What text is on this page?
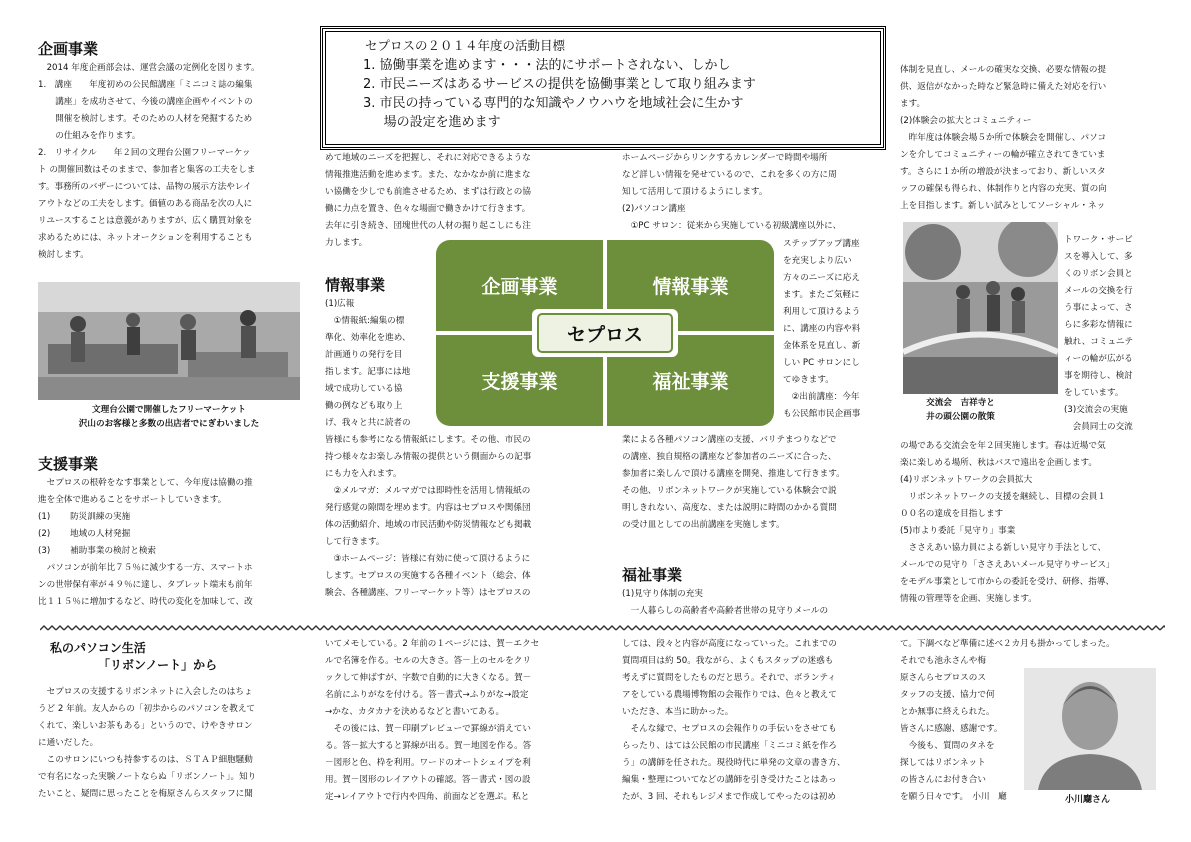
企画事業

　2014 年度企画部会は、運営会議の定例化を図ります。

1.　講座　　年度初めの公民館講座「ミニコミ誌の編集

　　講座」を成功させて、今後の講座企画やイベントの

　　開催を検討します。そのための人材を発掘するため

　　の仕組みを作ります。

2.　リサイクル　　年２回の文理台公園フリーマーケッ

ト の開催回数はそのままで、参加者と集客の工夫をしま

す。事務所のバザーについては、品物の展示方法やレイ

アウトなどの工夫をします。価値のある商品を次の人に

リユースすることは意義がありますが、広く購買対象を

求めるためには、ネットオークションを利用することも

検討します。

文理台公園で開催したフリーマーケット
沢山のお客様と多数の出店者でにぎわいました
支援事業

　セプロスの根幹をなす事業として、今年度は協働の推

進を全体で進めることをサポートしていきます。

(1)　　 防災訓練の実施

(2)　　 地域の人材発掘

(3)　　 補助事業の検討と検索

　パソコンが前年比７５％に減少する一方、スマートホ

ンの世帯保有率が４９％に達し、タブレット端末も前年

比１１５％に増加するなど、時代の変化を加味して、改

セプロスの２０１４年度の活動目標
1. 協働事業を進めます・・・法的にサポートされない、しかし
2. 市民ニーズはあるサービスの提供を協働事業として取り組みます
3. 市民の持っている専門的な知識やノウハウを地域社会に生かす
場の設定を進めます

めて地域のニーズを把握し、それに対応できるような

情報推進活動を進めます。また、なかなか前に進まな

い協働を少しでも前進させるため、まずは行政との協

働に力点を置き、色々な場面で働きかけて行きます。

去年に引き続き、団塊世代の人材の掘り起こしにも注

力します。

情報事業

(1)広報

　①情報紙:編集の標

準化、効率化を進め、

計画通りの発行を目

指します。記事には地

域で成功している協

働の例なども取り上

げ、我々と共に読者の

皆様にも参考になる情報紙にします。その他、市民の

持つ様々なお楽しみ情報の提供という側面からの記事

にも力を入れます。

　②メルマガ：メルマガでは即時性を活用し情報紙の

発行感覚の隙間を埋めます。内容はセプロスや関係団

体の活動紹介、地域の市民活動や防災情報なども掲載

して行きます。

　③ホームページ：皆様に有効に使って頂けるように

します。セプロスの実施する各種イベント（総会、体

験会、各種講座、フリーマーケット等）はセプロスの

企画事業	情報事業
支援事業	福祉事業
セプロス

ホームページからリンクするカレンダーで時間や場所

など詳しい情報を発せているので、これを多くの方に周

知して活用して頂けるようにします。

(2)パソコン講座

　①PC サロン：従来から実施している初級講座以外に、

ステップアップ講座

を充実しより広い

方々のニーズに応え

ます。またご気軽に

利用して頂けるよう

に、講座の内容や料

金体系を見直し、新

しい PC サロンにし

てゆきます。

　②出前講座：今年

も公民館市民企画事

業による各種パソコン講座の支援、バリテまつりなどで

の講座、独自規格の講座など参加者のニーズに合った、

参加者に楽しんで頂ける講座を開発、推進して行きます。

その他、リボンネットワークが実施している体験会で説

明しきれない、高度な、または説明に時間のかかる質問

の受け皿としての出前講座を実施します。

福祉事業

(1)見守り体制の充実

　一人暮らしの高齢者や高齢者世帯の見守りメールの

体制を見直し、メールの確実な交換、必要な情報の提

供、返信がなかった時など緊急時に備えた対応を行い

ます。

(2)体験会の拡大とコミュニティー

　昨年度は体験会場５か所で体験会を開催し、パソコ

ンを介してコミュニティーの輪が確立されてきていま

す。さらに１か所の増設が決まっており、新しいスタ

ッフの確保も得られ、体制作りと内容の充実、質の向

上を目指します。新しい試みとしてソーシャル・ネッ

交流会　吉祥寺と
井の頭公園の散策

トワーク・サービ

スを導入して、多

くのリボン会員と

メールの交換を行

う事によって、さ

らに多彩な情報に

触れ、コミュニテ

ィーの輪が広がる

事を期待し、検討

をしています。

(3)交流会の実施

　会員同士の交流

の場である交流会を年２回実施します。春は近場で気

楽に楽しめる場所、秋はバスで遠出を企画します。

(4)リボンネットワークの会員拡大

　リボンネットワークの支援を継続し、目標の会員１

００名の達成を目指します

(5)市より委託「見守り」事業

　ささえあい協力員による新しい見守り手法として、

メールでの見守り「ささえあいメール見守りサービス」

をモデル事業として市からの委託を受け、研修、指導、

情報の管理等を企画、実施します。

私のパソコン生活
「リボンノート」から

　セプロスの支援するリボンネットに入会したのはちょ

うど 2 年前。友人からの「初歩からのパソコンを教えて

くれて、楽しいお茶もある」というので、けやきサロン

に通いだした。

　このサロンにいつも持参するのは、ＳＴＡＰ細胞騒動

で有名になった実験ノートならぬ「リボンノート」。知り

たいこと、疑問に思ったことを梅原さんらスタッフに聞

いてメモしている。2 年前の１ページには、賀－エクセ

ルで名簿を作る。セルの大きさ。答－上のセルをクリ

ックして伸ばすが、字数で自動的に大きくなる。賀－

名前にふりがなを付ける。答－書式→ふりがな→設定

→かな、カタカナを決めるなどと書いてある。

　その後には、賀－印刷プレビューで罫線が消えてい

る。答－拡大すると罫線が出る。賀－地図を作る。答

－図形と色、枠を利用。ワードのオートシェイプを利

用。賀－図形のレイアウトの確認。答－書式・図の設

定→レイアウトで行内や四角、前面などを選ぶ。私と

しては、段々と内容が高度になっていった。これまでの

質問項目は約 50。我ながら、よくもスタップの迷惑も

考えずに質問をしたものだと思う。それで、ボランティ

アをしている農場博物館の会報作りでは、色々と教えて

いただき、本当に助かった。

　そんな縁で、セプロスの会報作りの手伝いをさせても

らったり、はては公民館の市民講座「ミニコミ紙を作ろ

う」の講師を任された。現役時代に単発の文章の書き方、

編集・整理についてなどの講師を引き受けたことはあっ

たが、3 回、それもレジメまで作成してやったのは初め

て。下調べなど準備に述べ２カ月も掛かってしまった。

それでも池永さんや梅

原さんらセプロスのス

タッフの支援、協力で何

とか無事に終えられた。

皆さんに感謝、感謝です。

　今後も、質問のタネを

探してはリボンネット

の皆さんにお付き合い

を願う日々です。　小川　廰	小川廰さん
